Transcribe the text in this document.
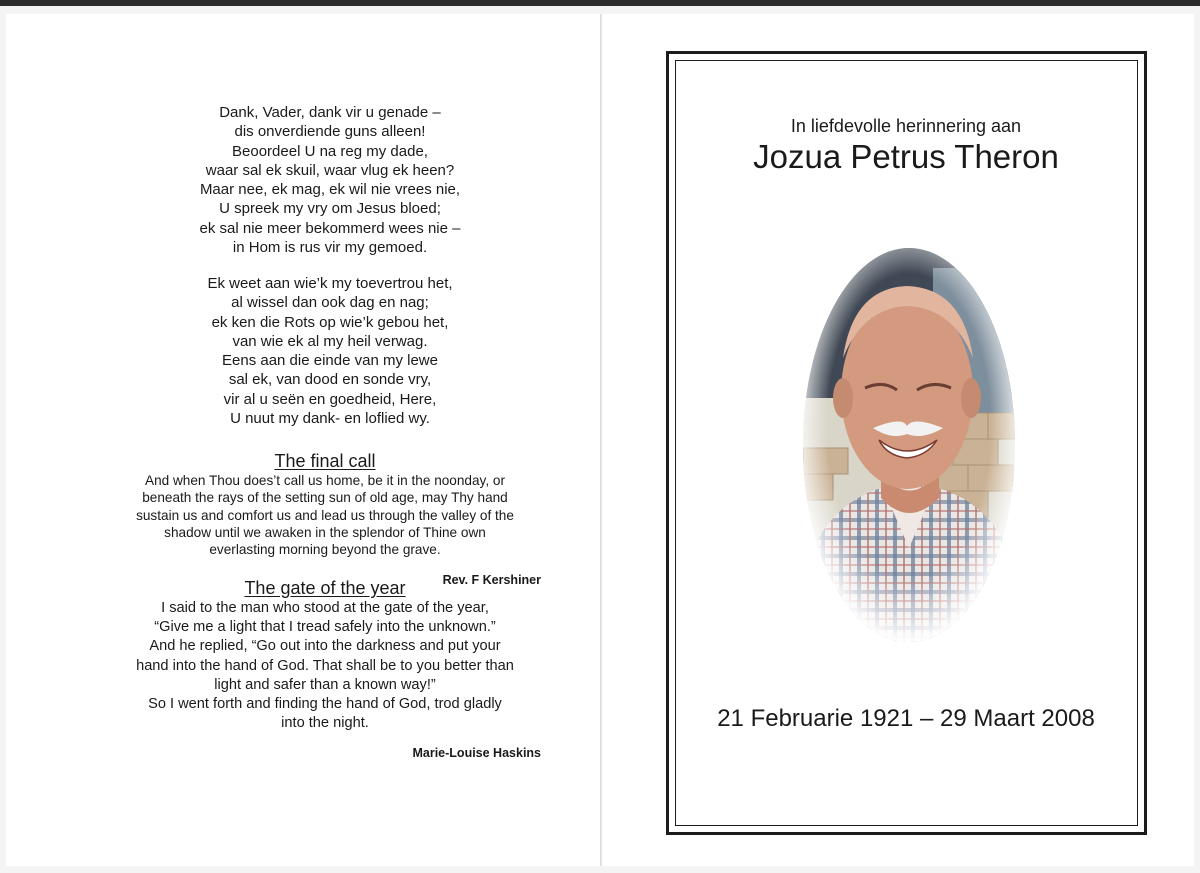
Dank, Vader, dank vir u genade –
dis onverdiende guns alleen!
Beoordeel U na reg my dade,
waar sal ek skuil, waar vlug ek heen?
Maar nee, ek mag, ek wil nie vrees nie,
U spreek my vry om Jesus bloed;
ek sal nie meer bekommerd wees nie –
in Hom is rus vir my gemoed.
Ek weet aan wie’k my toevertrou het,
al wissel dan ook dag en nag;
ek ken die Rots op wie’k gebou het,
van wie ek al my heil verwag.
Eens aan die einde van my lewe
sal ek, van dood en sonde vry,
vir al u seën en goedheid, Here,
U nuut my dank- en loflied wy.
The final call
And when Thou does’t call us home, be it in the noonday, or
beneath the rays of the setting sun of old age, may Thy hand
sustain us and comfort us and lead us through the valley of the
shadow until we awaken in the splendor of Thine own
everlasting morning beyond the grave.
Rev. F Kershiner
The gate of the year
I said to the man who stood at the gate of the year,
“Give me a light that I tread safely into the unknown.”
And he replied, “Go out into the darkness and put your
hand into the hand of God. That shall be to you better than
light and safer than a known way!”
So I went forth and finding the hand of God, trod gladly
into the night.
Marie-Louise Haskins
In liefdevolle herinnering aan
Jozua Petrus Theron
21 Februarie 1921 – 29 Maart 2008
